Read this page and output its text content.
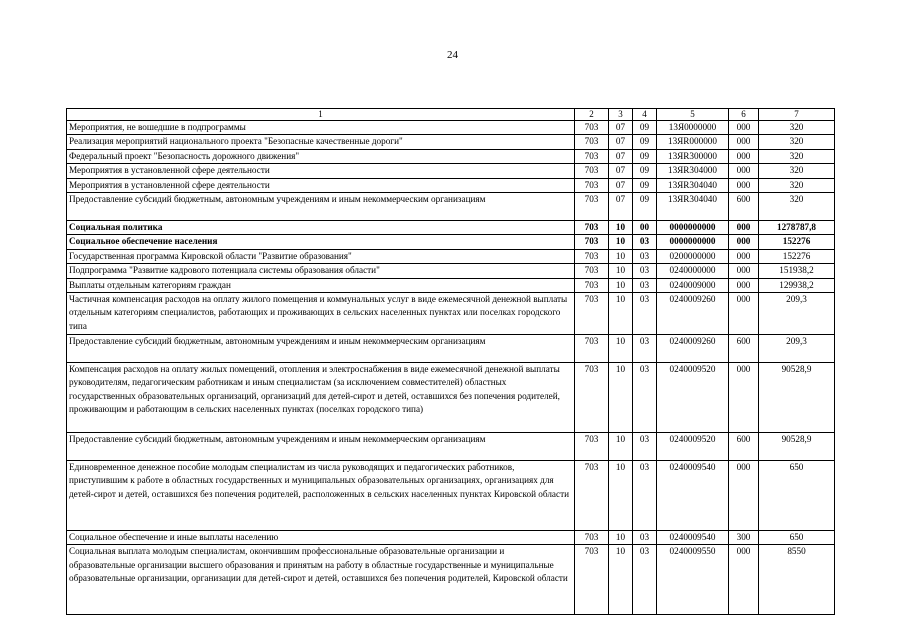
24
1	2	3	4	5	6	7
Мероприятия, не вошедшие в подпрограммы	703	07	09	13Я0000000	000	320
Реализация мероприятий национального проекта "Безопасные качественные дороги"	703	07	09	13ЯR000000	000	320
Федеральный проект "Безопасность дорожного движения"	703	07	09	13ЯR300000	000	320
Мероприятия в установленной сфере деятельности	703	07	09	13ЯR304000	000	320
Мероприятия в установленной сфере деятельности	703	07	09	13ЯR304040	000	320
Предоставление субсидий бюджетным, автономным учреждениям и иным некоммерческим организациям	703	07	09	13ЯR304040	600	320
Социальная политика	703	10	00	0000000000	000	1278787,8
Социальное обеспечение населения	703	10	03	0000000000	000	152276
Государственная программа Кировской области "Развитие образования"	703	10	03	0200000000	000	152276
Подпрограмма "Развитие кадрового потенциала системы образования области"	703	10	03	0240000000	000	151938,2
Выплаты отдельным категориям граждан	703	10	03	0240009000	000	129938,2
Частичная компенсация расходов на оплату жилого помещения и коммунальных услуг в виде ежемесячной денежной выплаты отдельным категориям специалистов, работающих и проживающих в сельских населенных пунктах или поселках городского типа	703	10	03	0240009260	000	209,3
Предоставление субсидий бюджетным, автономным учреждениям и иным некоммерческим организациям	703	10	03	0240009260	600	209,3
Компенсация расходов на оплату жилых помещений, отопления и электроснабжения в виде ежемесячной денежной выплаты руководителям, педагогическим работникам и иным специалистам (за исключением совместителей) областных государственных образовательных организаций, организаций для детей-сирот и детей, оставшихся без попечения родителей, проживающим и работающим в сельских населенных пунктах (поселках городского типа)	703	10	03	0240009520	000	90528,9
Предоставление субсидий бюджетным, автономным учреждениям и иным некоммерческим организациям	703	10	03	0240009520	600	90528,9
Единовременное денежное пособие молодым специалистам из числа руководящих и педагогических работников, приступившим к работе в областных государственных и муниципальных образовательных организациях, организациях для детей-сирот и детей, оставшихся без попечения родителей, расположенных в сельских населенных пунктах Кировской области	703	10	03	0240009540	000	650
Социальное обеспечение и иные выплаты населению	703	10	03	0240009540	300	650
Социальная выплата молодым специалистам, окончившим профессиональные образовательные организации и образовательные организации высшего образования и принятым на работу в областные государственные и муниципальные образовательные организации, организации для детей-сирот и детей, оставшихся без попечения родителей, Кировской области	703	10	03	0240009550	000	8550
